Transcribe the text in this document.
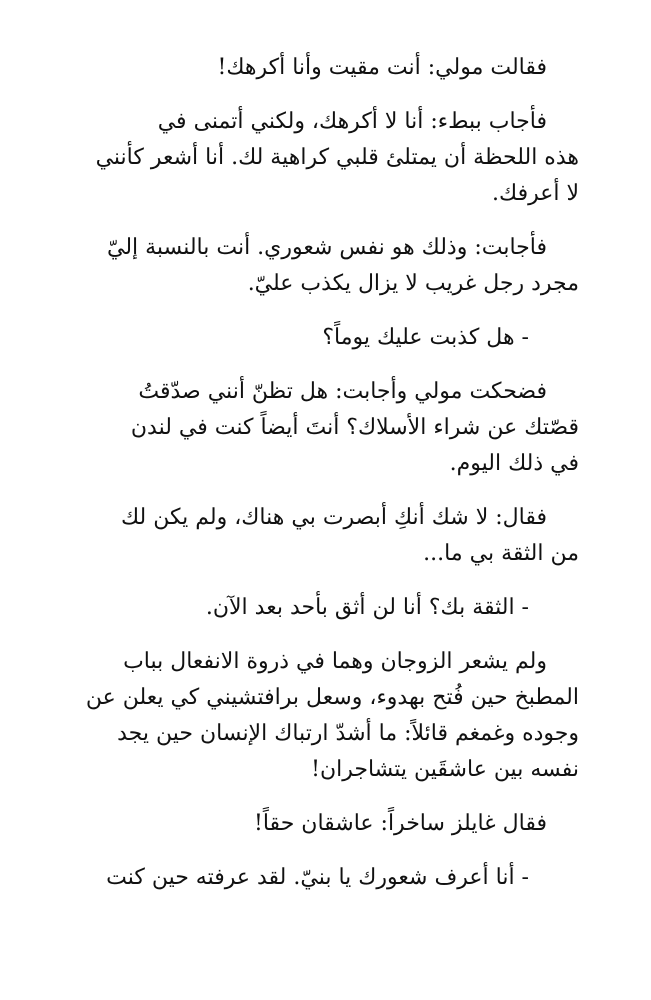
فقالت مولي: أنت مقيت وأنا أكرهك!

فأجاب ببطء: أنا لا أكرهك، ولكني أتمنى في
هذه اللحظة أن يمتلئ قلبي كراهية لك. أنا أشعر كأنني
لا أعرفك.

فأجابت: وذلك هو نفس شعوري. أنت بالنسبة إليّ
مجرد رجل غريب لا يزال يكذب عليّ.

- هل كذبت عليك يوماً؟

فضحكت مولي وأجابت: هل تظنّ أنني صدّقتُ
قصّتك عن شراء الأسلاك؟ أنتَ أيضاً كنت في لندن
في ذلك اليوم.

فقال: لا شك أنكِ أبصرت بي هناك، ولم يكن لك
من الثقة بي ما...

- الثقة بك؟ أنا لن أثق بأحد بعد الآن.

ولم يشعر الزوجان وهما في ذروة الانفعال بباب
المطبخ حين فُتح بهدوء، وسعل برافتشيني كي يعلن عن
وجوده وغمغم قائلاً: ما أشدّ ارتباك الإنسان حين يجد
نفسه بين عاشقَين يتشاجران!

فقال غايلز ساخراً: عاشقان حقاً!

- أنا أعرف شعورك يا بنيّ. لقد عرفته حين كنت
